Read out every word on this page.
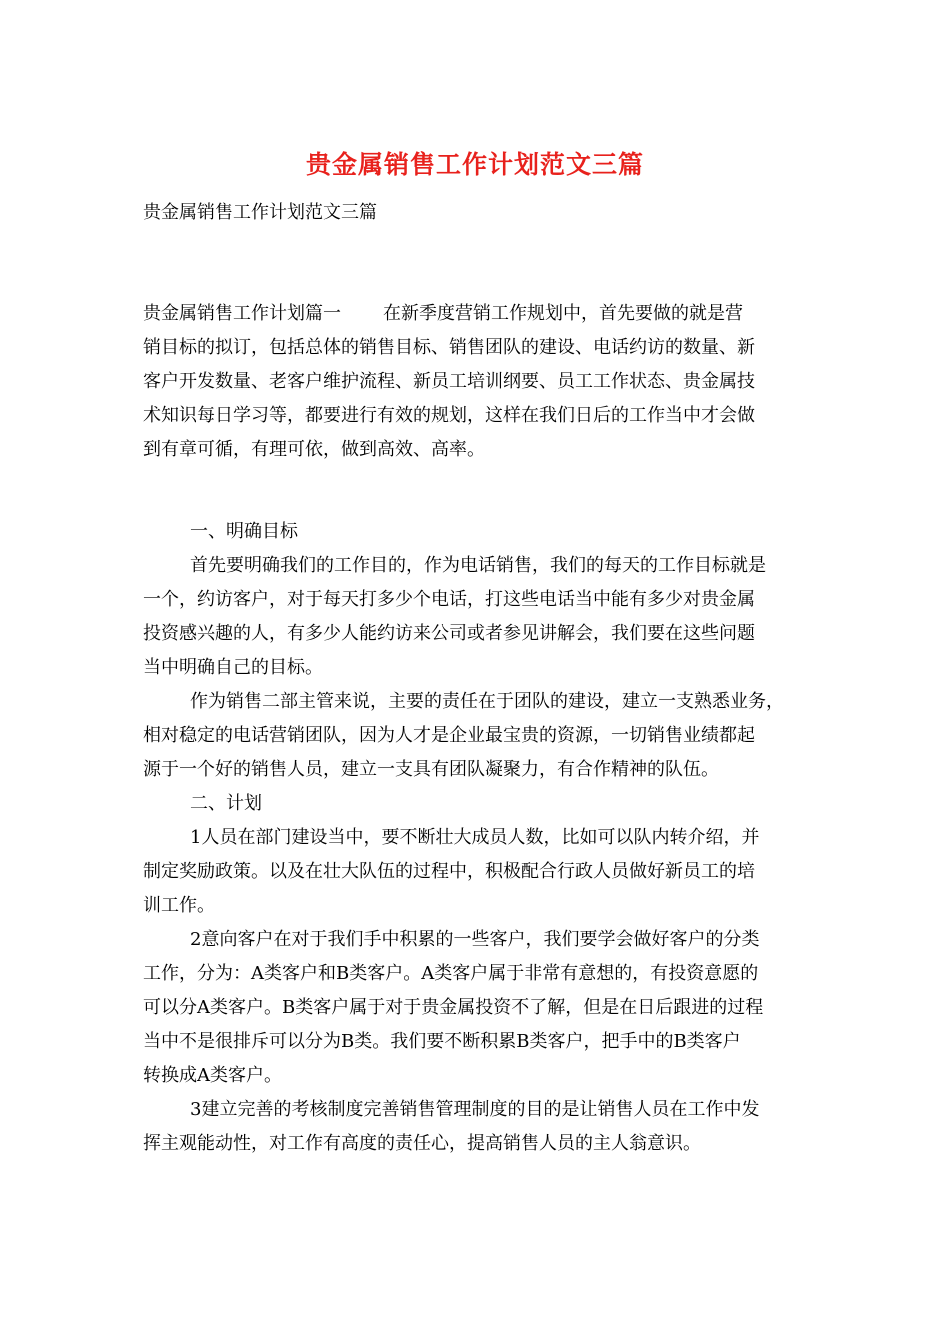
贵金属销售工作计划范文三篇
贵金属销售工作计划范文三篇

贵金属销售工作计划篇一 在新季度营销工作规划中，首先要做的就是营

销目标的拟订，包括总体的销售目标、销售团队的建设、电话约访的数量、新

客户开发数量、老客户维护流程、新员工培训纲要、员工工作状态、贵金属技

术知识每日学习等，都要进行有效的规划，这样在我们日后的工作当中才会做

到有章可循，有理可依，做到高效、高率。

一、明确目标

首先要明确我们的工作目的，作为电话销售，我们的每天的工作目标就是

一个，约访客户，对于每天打多少个电话，打这些电话当中能有多少对贵金属

投资感兴趣的人，有多少人能约访来公司或者参见讲解会，我们要在这些问题

当中明确自己的目标。

作为销售二部主管来说，主要的责任在于团队的建设，建立一支熟悉业务，

相对稳定的电话营销团队，因为人才是企业最宝贵的资源，一切销售业绩都起

源于一个好的销售人员，建立一支具有团队凝聚力，有合作精神的队伍。

二、计划

1人员在部门建设当中，要不断壮大成员人数，比如可以队内转介绍，并

制定奖励政策。以及在壮大队伍的过程中，积极配合行政人员做好新员工的培

训工作。

2意向客户在对于我们手中积累的一些客户，我们要学会做好客户的分类

工作，分为：A类客户和B类客户。A类客户属于非常有意想的，有投资意愿的

可以分A类客户。B类客户属于对于贵金属投资不了解，但是在日后跟进的过程

当中不是很排斥可以分为B类。我们要不断积累B类客户，把手中的B类客户

转换成A类客户。

3建立完善的考核制度完善销售管理制度的目的是让销售人员在工作中发

挥主观能动性，对工作有高度的责任心，提高销售人员的主人翁意识。
